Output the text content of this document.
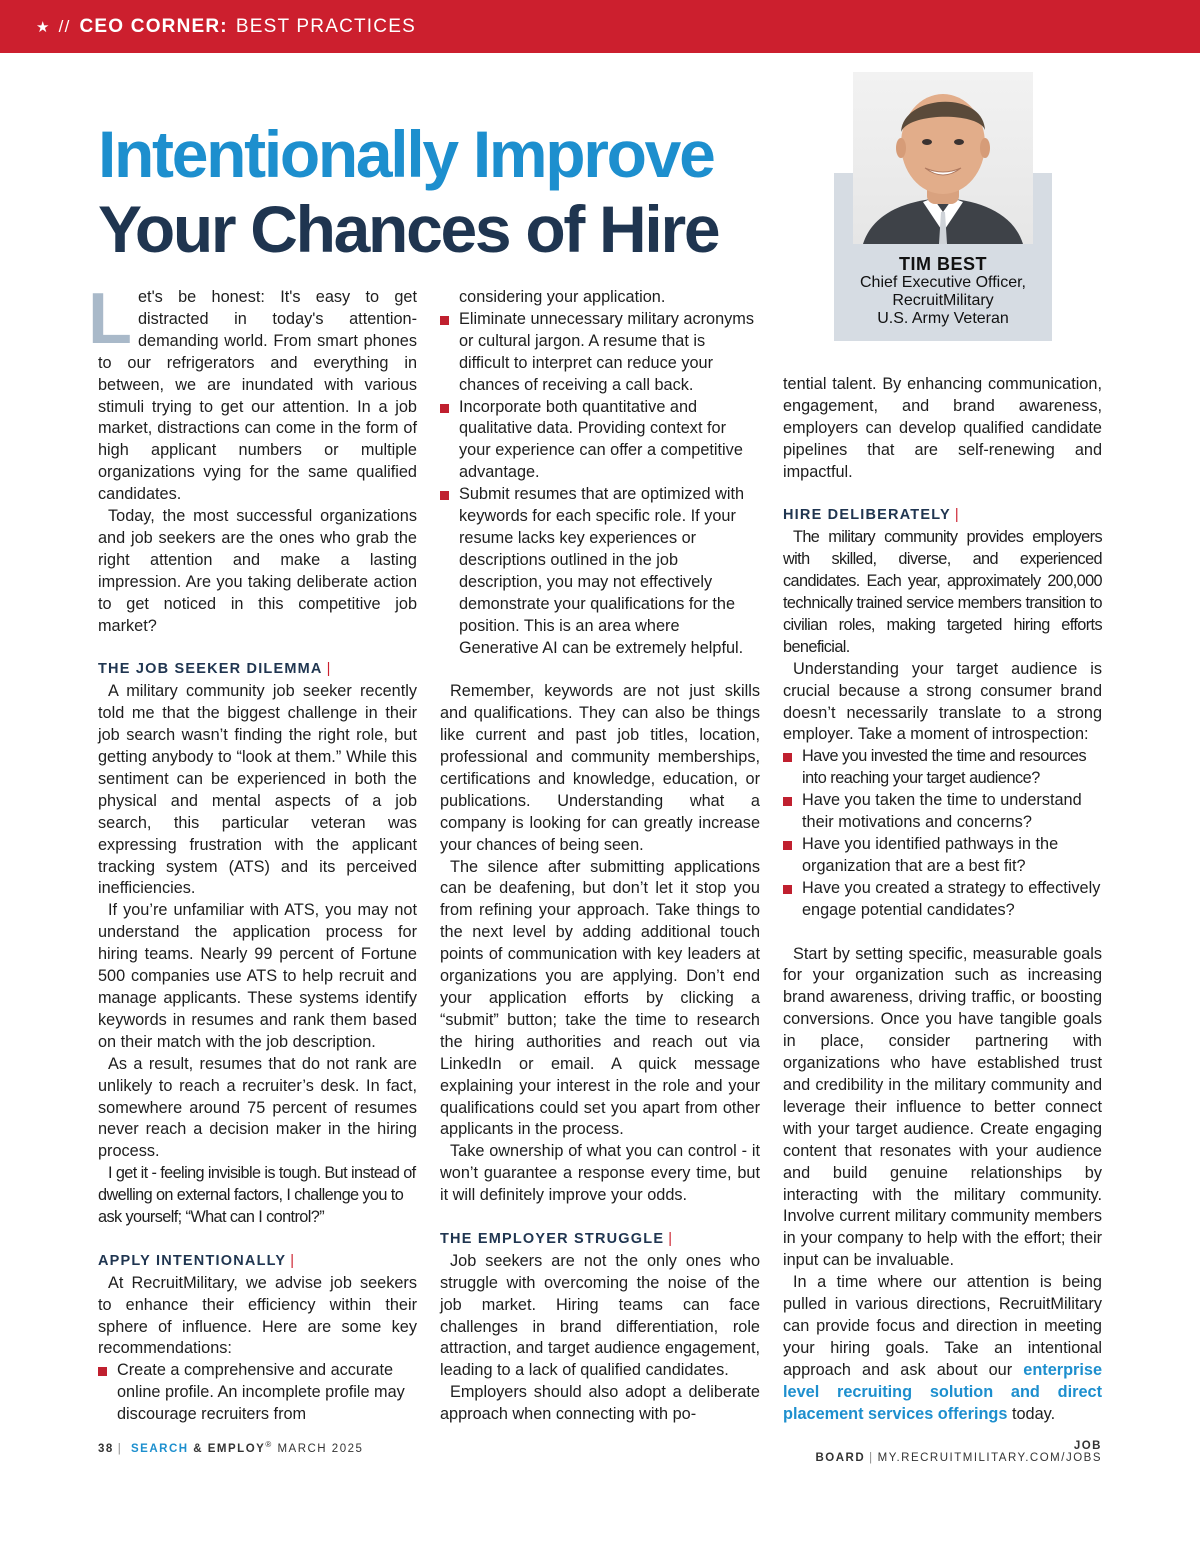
★ // CEO CORNER: BEST PRACTICES
Intentionally Improve
Your Chances of Hire	TIM BEST
Chief Executive Officer,
RecruitMilitary
U.S. Army Veteran

Let's be honest: It's easy to get distracted in today's attention-demanding world. From smart phones to our refrigerators and everything in between, we are inundated with various stimuli trying to get our attention. In a job market, distractions can come in the form of high applicant numbers or multiple organizations vying for the same qualified candidates.

Today, the most successful organizations and job seekers are the ones who grab the right attention and make a lasting impression. Are you taking deliberate action to get noticed in this competitive job market?

THE JOB SEEKER DILEMMA |

A military community job seeker recently told me that the biggest challenge in their job search wasn’t finding the right role, but getting anybody to “look at them.” While this sentiment can be experienced in both the physical and mental aspects of a job search, this particular veteran was expressing frustration with the applicant tracking system (ATS) and its perceived inefficiencies.

If you’re unfamiliar with ATS, you may not understand the application process for hiring teams. Nearly 99 percent of Fortune 500 companies use ATS to help recruit and manage applicants. These systems identify keywords in resumes and rank them based on their match with the job description.

As a result, resumes that do not rank are unlikely to reach a recruiter’s desk. In fact, somewhere around 75 percent of resumes never reach a decision maker in the hiring process.

I get it - feeling invisible is tough. But instead of dwelling on external factors, I challenge you to ask yourself; “What can I control?”

APPLY INTENTIONALLY |

At RecruitMilitary, we advise job seekers to enhance their efficiency within their sphere of influence. Here are some key recommendations:

Create a comprehensive and accurate online profile. An incomplete profile may discourage recruiters from

considering your application.

Eliminate unnecessary military acronyms or cultural jargon. A resume that is difficult to interpret can reduce your chances of receiving a call back.
Incorporate both quantitative and qualitative data. Providing context for your experience can offer a competitive advantage.
Submit resumes that are optimized with keywords for each specific role. If your resume lacks key experiences or descriptions outlined in the job description, you may not effectively demonstrate your qualifications for the position. This is an area where Generative AI can be extremely helpful.

Remember, keywords are not just skills and qualifications. They can also be things like current and past job titles, location, professional and community memberships, certifications and knowledge, education, or publications. Understanding what a company is looking for can greatly increase your chances of being seen.

The silence after submitting applications can be deafening, but don’t let it stop you from refining your approach. Take things to the next level by adding additional touch points of communication with key leaders at organizations you are applying. Don’t end your application efforts by clicking a “submit” button; take the time to research the hiring authorities and reach out via LinkedIn or email. A quick message explaining your interest in the role and your qualifications could set you apart from other applicants in the process.

Take ownership of what you can control - it won’t guarantee a response every time, but it will definitely improve your odds.

THE EMPLOYER STRUGGLE |

Job seekers are not the only ones who struggle with overcoming the noise of the job market. Hiring teams can face challenges in brand differentiation, role attraction, and target audience engagement, leading to a lack of qualified candidates.

Employers should also adopt a deliberate approach when connecting with po-

tential talent. By enhancing communication, engagement, and brand awareness, employers can develop qualified candidate pipelines that are self-renewing and impactful.

HIRE DELIBERATELY |

The military community provides employers with skilled, diverse, and experienced candidates. Each year, approximately 200,000 technically trained service members transition to civilian roles, making targeted hiring efforts beneficial.

Understanding your target audience is crucial because a strong consumer brand doesn’t necessarily translate to a strong employer. Take a moment of introspection:

Have you invested the time and resources into reaching your target audience?
Have you taken the time to understand their motivations and concerns?
Have you identified pathways in the organization that are a best fit?
Have you created a strategy to effectively engage potential candidates?

Start by setting specific, measurable goals for your organization such as increasing brand awareness, driving traffic, or boosting conversions. Once you have tangible goals in place, consider partnering with organizations who have established trust and credibility in the military community and leverage their influence to better connect with your target audience. Create engaging content that resonates with your audience and build genuine relationships by interacting with the military community. Involve current military community members in your company to help with the effort; their input can be invaluable.

In a time where our attention is being pulled in various directions, RecruitMilitary can provide focus and direction in meeting your hiring goals. Take an intentional approach and ask about our enterprise level recruiting solution and direct placement services offerings today.

38 | SEARCH & EMPLOY® MARCH 2025	JOB BOARD | MY.RECRUITMILITARY.COM/JOBS
